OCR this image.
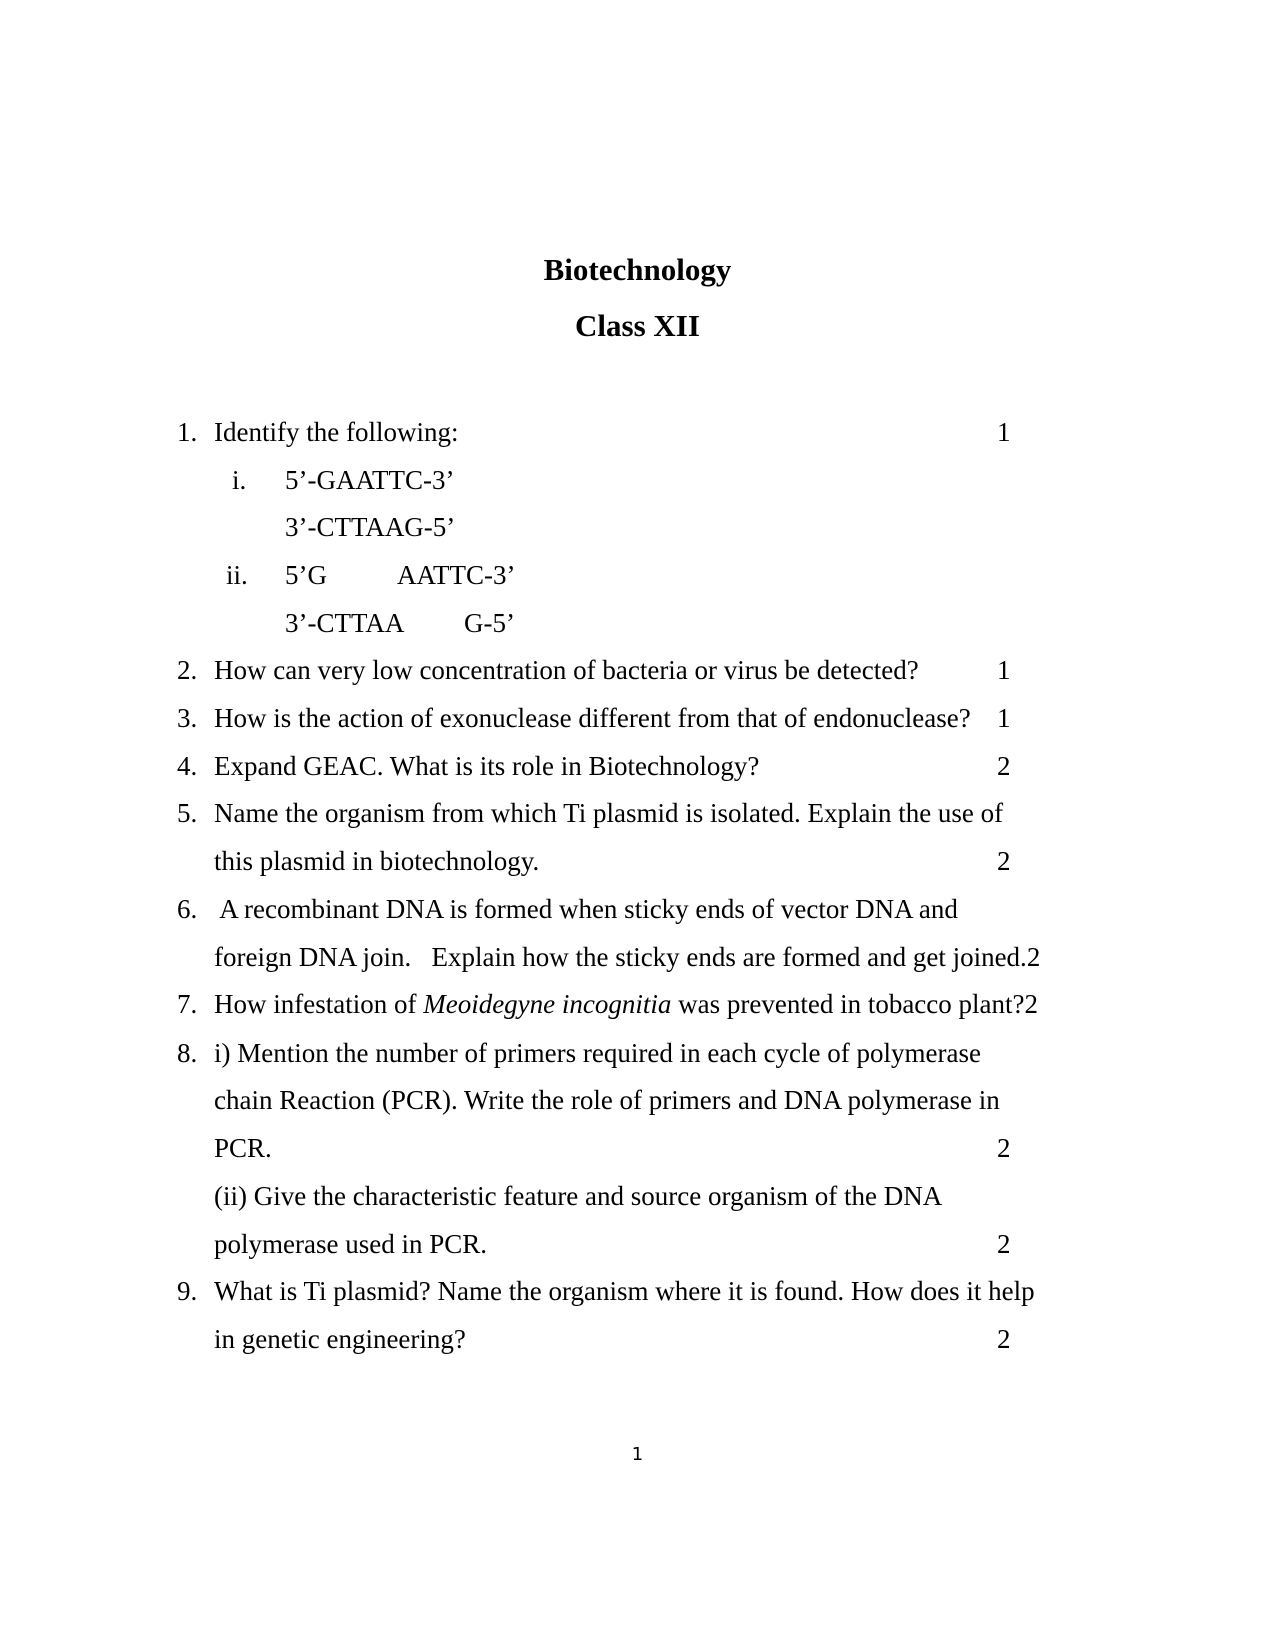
Biotechnology
Class XII
1. Identify the following:	1
i. 5’-GAATTC-3’
3’-CTTAAG-5’
ii. 5’G	AATTC-3’
3’-CTTAA G-5’
2. How can very low concentration of bacteria or virus be detected?	1
3. How is the action of exonuclease different from that of endonuclease? 1
4. Expand GEAC. What is its role in Biotechnology?	2
5. Name the organism from which Ti plasmid is isolated. Explain the use of
this plasmid in biotechnology.	2
6. A recombinant DNA is formed when sticky ends of vector DNA and
foreign DNA join.   Explain how the sticky ends are formed and get joined.2
7. How infestation of Meoidegyne incognitia was prevented in tobacco plant?2
8. i) Mention the number of primers required in each cycle of polymerase
chain Reaction (PCR). Write the role of primers and DNA polymerase in
PCR.	2
(ii) Give the characteristic feature and source organism of the DNA
polymerase used in PCR.	2
9. What is Ti plasmid? Name the organism where it is found. How does it help
in genetic engineering?	2
1
